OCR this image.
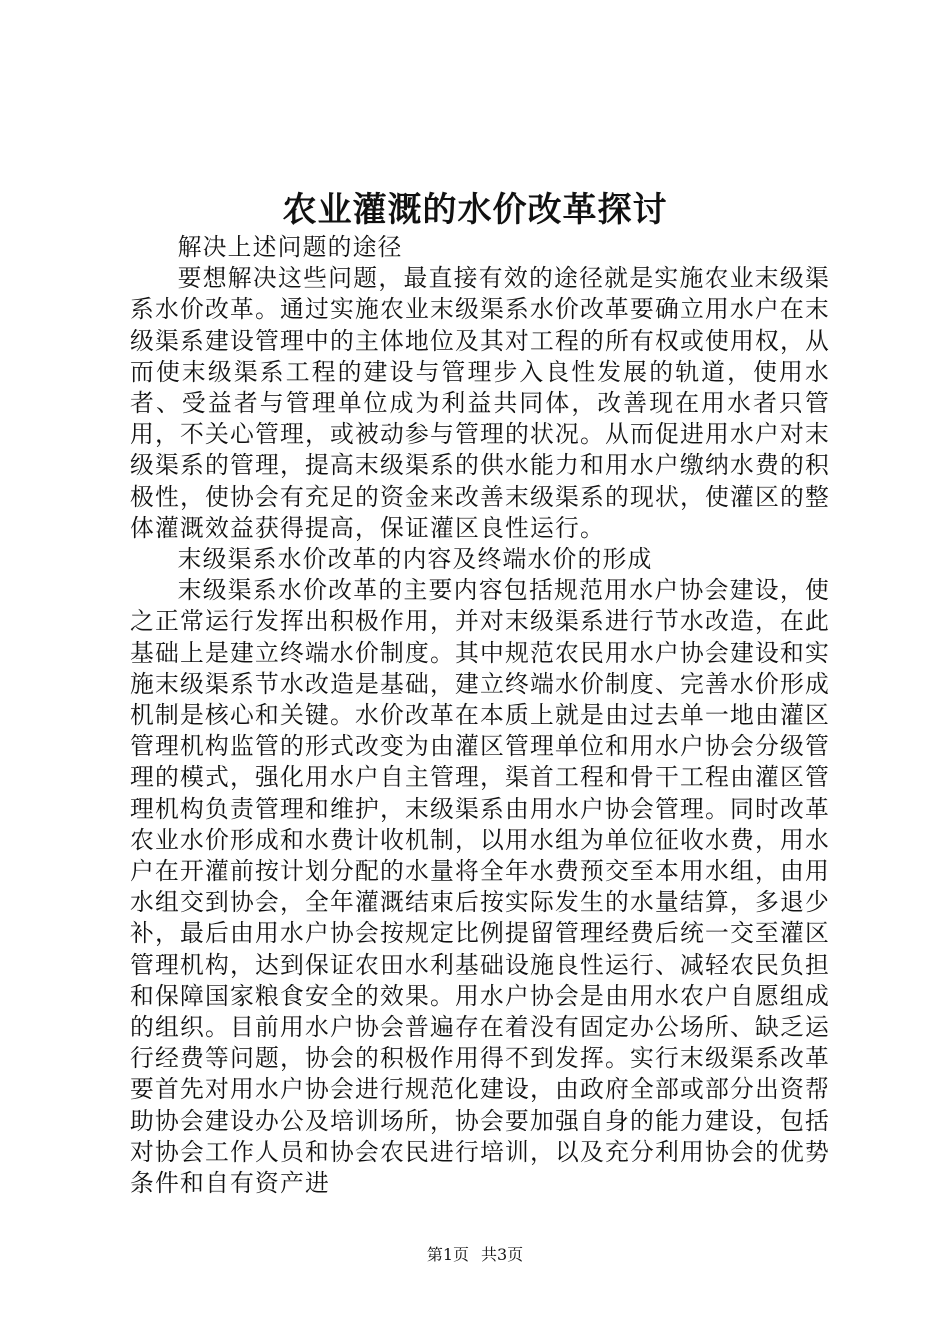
农业灌溉的水价改革探讨

解决上述问题的途径

要想解决这些问题，最直接有效的途径就是实施农业末级渠系水价改革。通过实施农业末级渠系水价改革要确立用水户在末级渠系建设管理中的主体地位及其对工程的所有权或使用权，从而使末级渠系工程的建设与管理步入良性发展的轨道，使用水者、受益者与管理单位成为利益共同体，改善现在用水者只管用，不关心管理，或被动参与管理的状况。从而促进用水户对末级渠系的管理，提高末级渠系的供水能力和用水户缴纳水费的积极性，使协会有充足的资金来改善末级渠系的现状，使灌区的整体灌溉效益获得提高，保证灌区良性运行。

末级渠系水价改革的内容及终端水价的形成

末级渠系水价改革的主要内容包括规范用水户协会建设，使之正常运行发挥出积极作用，并对末级渠系进行节水改造，在此基础上是建立终端水价制度。其中规范农民用水户协会建设和实施末级渠系节水改造是基础，建立终端水价制度、完善水价形成机制是核心和关键。水价改革在本质上就是由过去单一地由灌区管理机构监管的形式改变为由灌区管理单位和用水户协会分级管理的模式，强化用水户自主管理，渠首工程和骨干工程由灌区管理机构负责管理和维护，末级渠系由用水户协会管理。同时改革农业水价形成和水费计收机制，以用水组为单位征收水费，用水户在开灌前按计划分配的水量将全年水费预交至本用水组，由用水组交到协会，全年灌溉结束后按实际发生的水量结算，多退少补，最后由用水户协会按规定比例提留管理经费后统一交至灌区管理机构，达到保证农田水利基础设施良性运行、减轻农民负担和保障国家粮食安全的效果。用水户协会是由用水农户自愿组成的组织。目前用水户协会普遍存在着没有固定办公场所、缺乏运行经费等问题，协会的积极作用得不到发挥。实行末级渠系改革要首先对用水户协会进行规范化建设，由政府全部或部分出资帮助协会建设办公及培训场所，协会要加强自身的能力建设，包括对协会工作人员和协会农民进行培训，以及充分利用协会的优势条件和自有资产进

第1页 共3页
